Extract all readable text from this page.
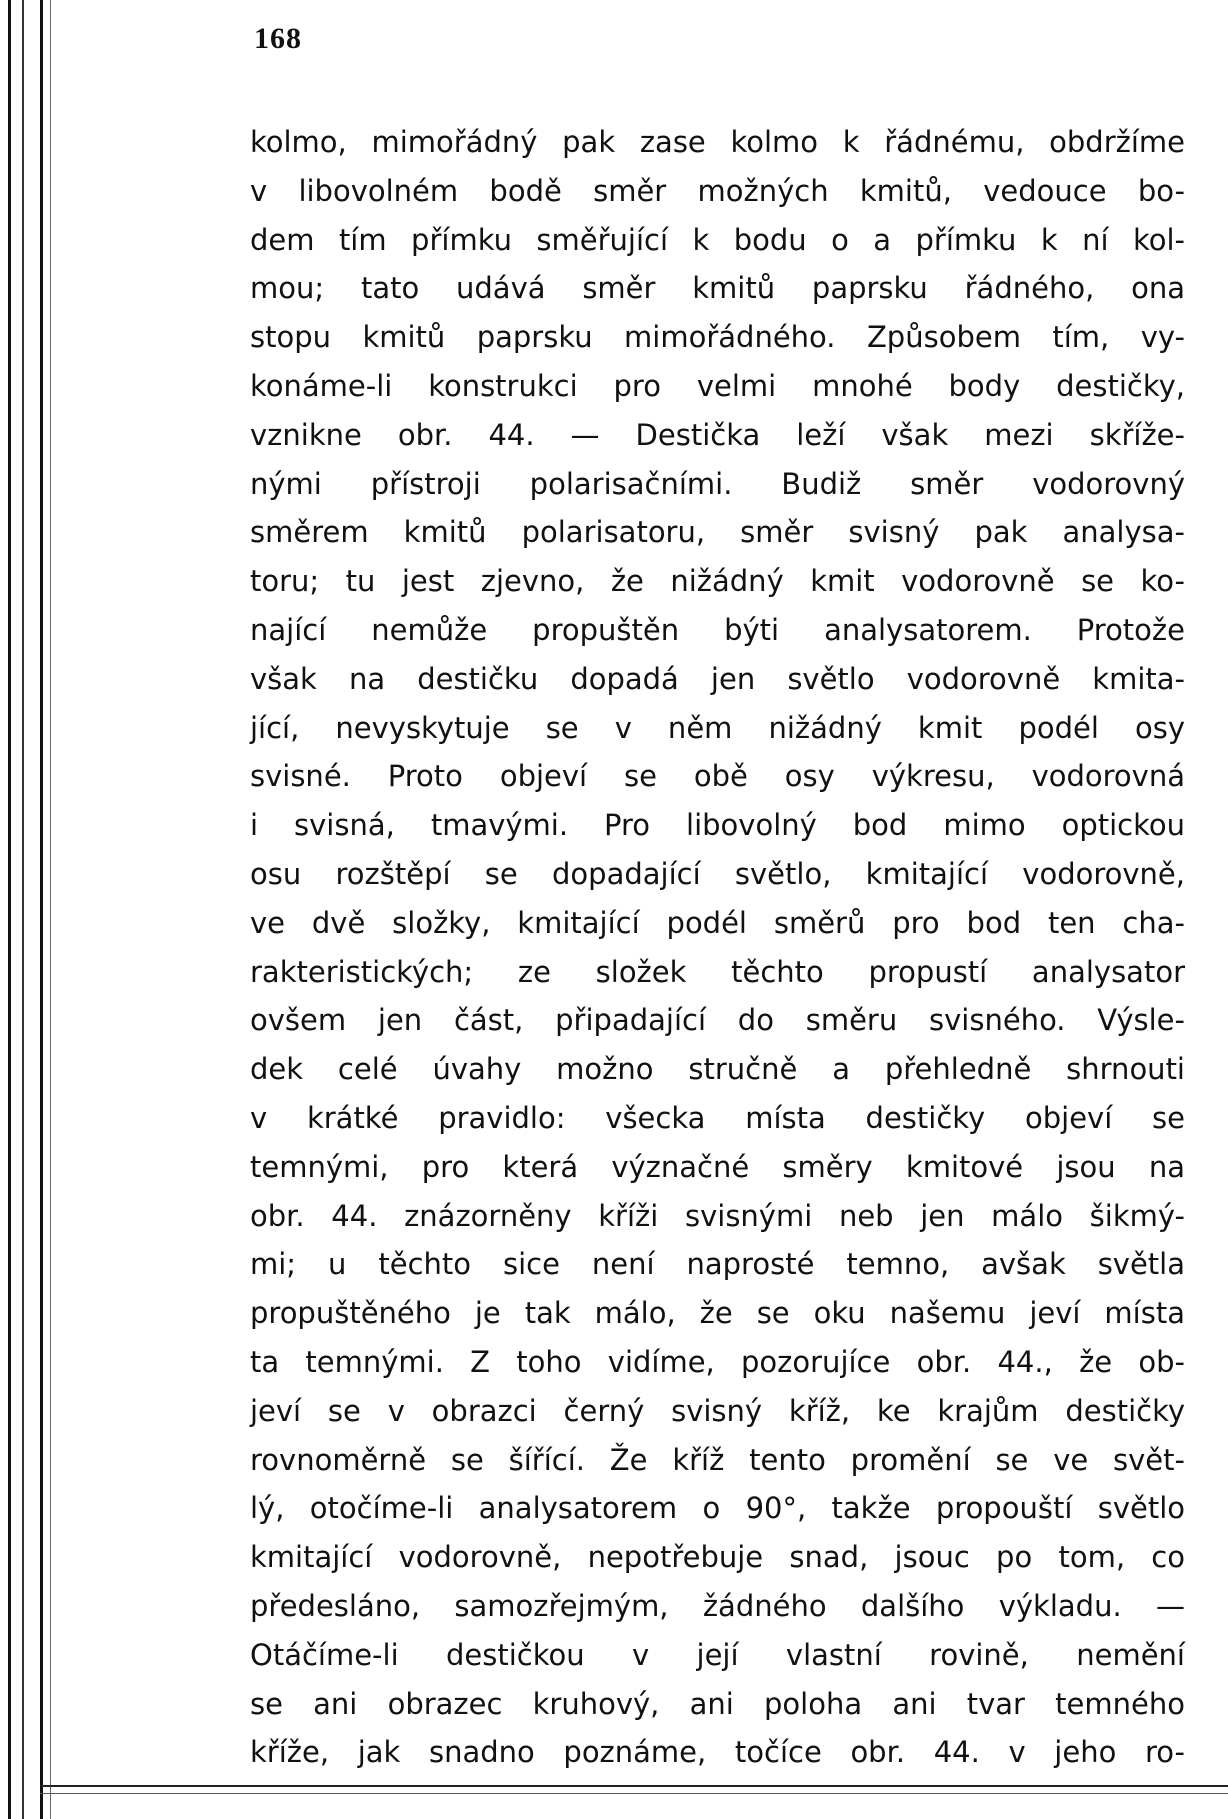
168
kolmo, mimořádný pak zase kolmo k řádnému, obdržíme
v libovolném bodě směr možných kmitů, vedouce bo-
dem tím přímku směřující k bodu o a přímku k ní kol-
mou; tato udává směr kmitů paprsku řádného, ona
stopu kmitů paprsku mimořádného. Způsobem tím, vy-
konáme-li konstrukci pro velmi mnohé body destičky,
vznikne obr. 44. — Destička leží však mezi skříže-
nými přístroji polarisačními. Budiž směr vodorovný
směrem kmitů polarisatoru, směr svisný pak analysa-
toru; tu jest zjevno, že nižádný kmit vodorovně se ko-
nající nemůže propuštěn býti analysatorem. Protože
však na destičku dopadá jen světlo vodorovně kmita-
jící, nevyskytuje se v něm nižádný kmit podél osy
svisné. Proto objeví se obě osy výkresu, vodorovná
i svisná, tmavými. Pro libovolný bod mimo optickou
osu rozštěpí se dopadající světlo, kmitající vodorovně,
ve dvě složky, kmitající podél směrů pro bod ten cha-
rakteristických; ze složek těchto propustí analysator
ovšem jen část, připadající do směru svisného. Výsle-
dek celé úvahy možno stručně a přehledně shrnouti
v krátké pravidlo: všecka místa destičky objeví se
temnými, pro která význačné směry kmitové jsou na
obr. 44. znázorněny kříži svisnými neb jen málo šikmý-
mi; u těchto sice není naprosté temno, avšak světla
propuštěného je tak málo, že se oku našemu jeví místa
ta temnými. Z toho vidíme, pozorujíce obr. 44., že ob-
jeví se v obrazci černý svisný kříž, ke krajům destičky
rovnoměrně se šířící. Že kříž tento promění se ve svět-
lý, otočíme-li analysatorem o 90°, takže propouští světlo
kmitající vodorovně, nepotřebuje snad, jsouc po tom, co
předesláno, samozřejmým, žádného dalšího výkladu. —
Otáčíme-li destičkou v její vlastní rovině, nemění
se ani obrazec kruhový, ani poloha ani tvar temného
kříže, jak snadno poznáme, točíce obr. 44. v jeho ro-
